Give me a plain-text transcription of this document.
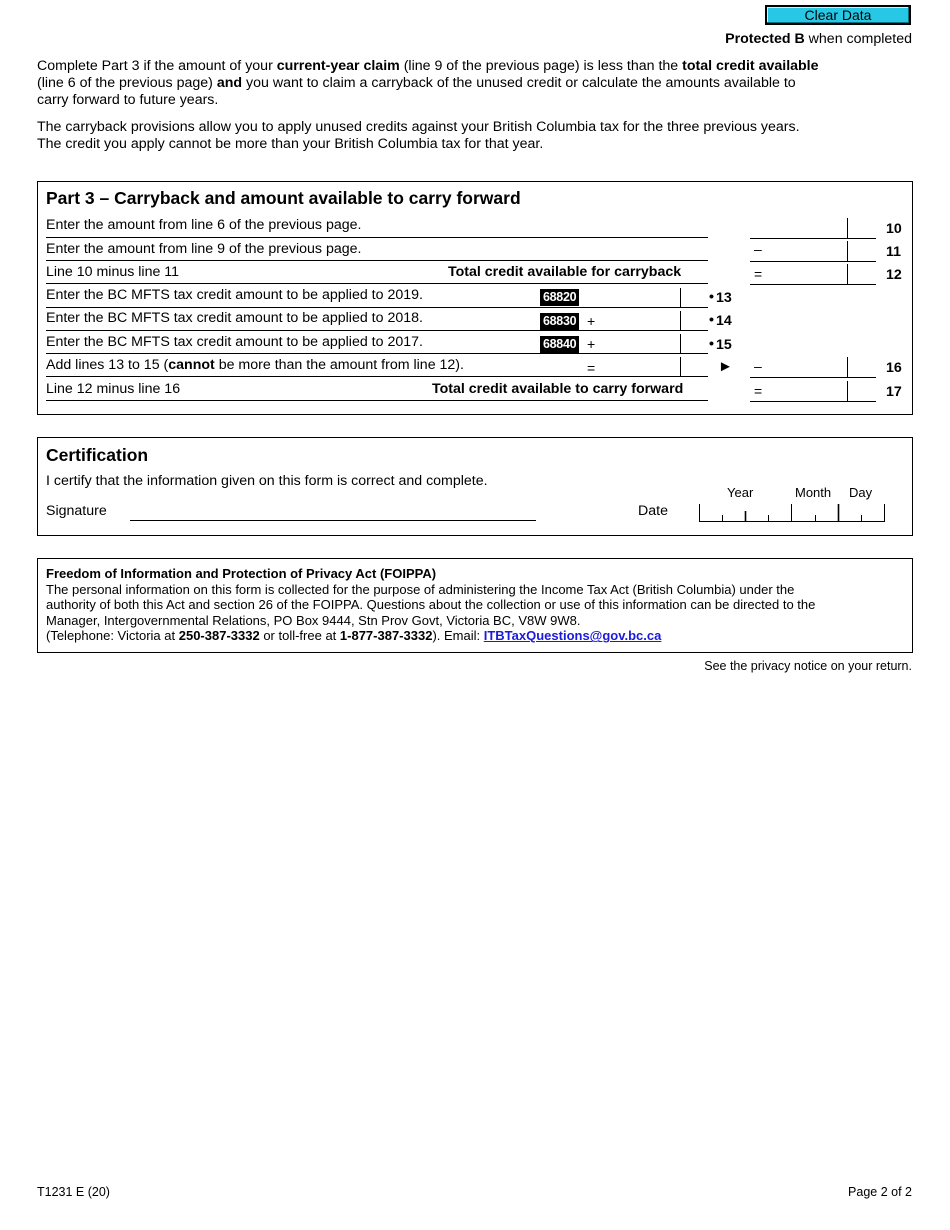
Clear Data
Protected B when completed
Complete Part 3 if the amount of your current-year claim (line 9 of the previous page) is less than the total credit available
(line 6 of the previous page) and you want to claim a carryback of the unused credit or calculate the amounts available to
carry forward to future years.
The carryback provisions allow you to apply unused credits against your British Columbia tax for the three previous years.
The credit you apply cannot be more than your British Columbia tax for that year.
Part 3 – Carryback and amount available to carry forward
Enter the amount from line 6 of the previous page.	10
Enter the amount from line 9 of the previous page.	–	11
Line 10 minus line 11	Total credit available for carryback	=	12
Enter the BC MFTS tax credit amount to be applied to 2019.	68820	• 13
Enter the BC MFTS tax credit amount to be applied to 2018.	68830 +	• 14
Enter the BC MFTS tax credit amount to be applied to 2017.	68840 +	• 15
Add lines 13 to 15 (cannot be more than the amount from line 12).	=	► –	16
Line 12 minus line 16	Total credit available to carry forward	=	17
Certification
I certify that the information given on this form is correct and complete.
Signature	Date
Year	Month Day
Freedom of Information and Protection of Privacy Act (FOIPPA)
The personal information on this form is collected for the purpose of administering the Income Tax Act (British Columbia) under the
authority of both this Act and section 26 of the FOIPPA. Questions about the collection or use of this information can be directed to the
Manager, Intergovernmental Relations, PO Box 9444, Stn Prov Govt, Victoria BC, V8W 9W8.
(Telephone: Victoria at 250-387-3332 or toll-free at 1-877-387-3332). Email: ITBTaxQuestions@gov.bc.ca
See the privacy notice on your return.
T1231 E (20)	Page 2 of 2
